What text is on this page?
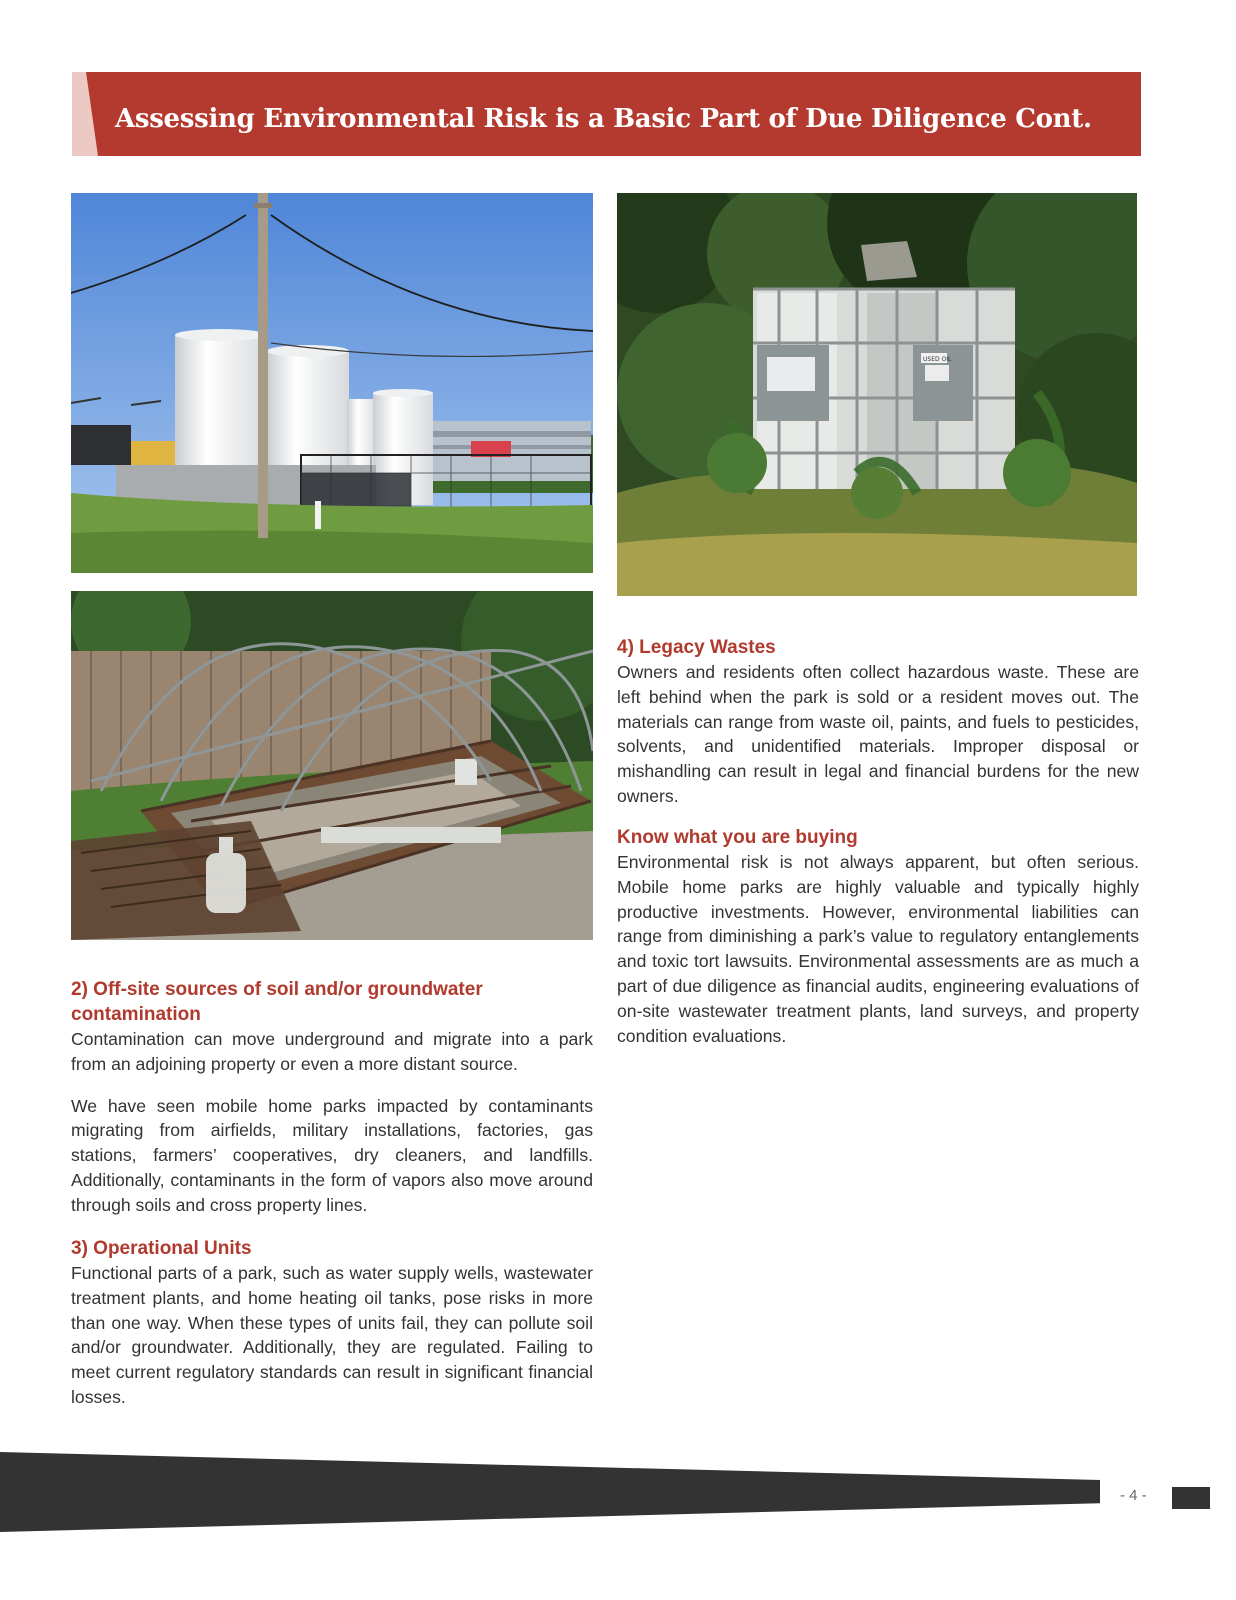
Assessing Environmental Risk is a Basic Part of Due Diligence Cont.
USED OIL
2) Off-site sources of soil and/or groundwater contamination

Contamination can move underground and migrate into a park from an adjoining property or even a more distant source.

We have seen mobile home parks impacted by contaminants migrating from airfields, military installations, factories, gas stations, farmers’ cooperatives, dry cleaners, and landfills. Additionally, contaminants in the form of vapors also move around through soils and cross property lines.

3) Operational Units

Functional parts of a park, such as water supply wells, wastewater treatment plants, and home heating oil tanks, pose risks in more than one way. When these types of units fail, they can pollute soil and/or groundwater. Additionally, they are regulated. Failing to meet current regulatory standards can result in significant financial losses.

4) Legacy Wastes

Owners and residents often collect hazardous waste. These are left behind when the park is sold or a resident moves out. The materials can range from waste oil, paints, and fuels to pesticides, solvents, and unidentified materials. Improper disposal or mishandling can result in legal and financial burdens for the new owners.

Know what you are buying

Environmental risk is not always apparent, but often serious. Mobile home parks are highly valuable and typically highly productive investments. However, environmental liabilities can range from diminishing a park’s value to regulatory entanglements and toxic tort lawsuits. Environmental assessments are as much a part of due diligence as financial audits, engineering evaluations of on-site wastewater treatment plants, land surveys, and property condition evaluations.

- 4 -
